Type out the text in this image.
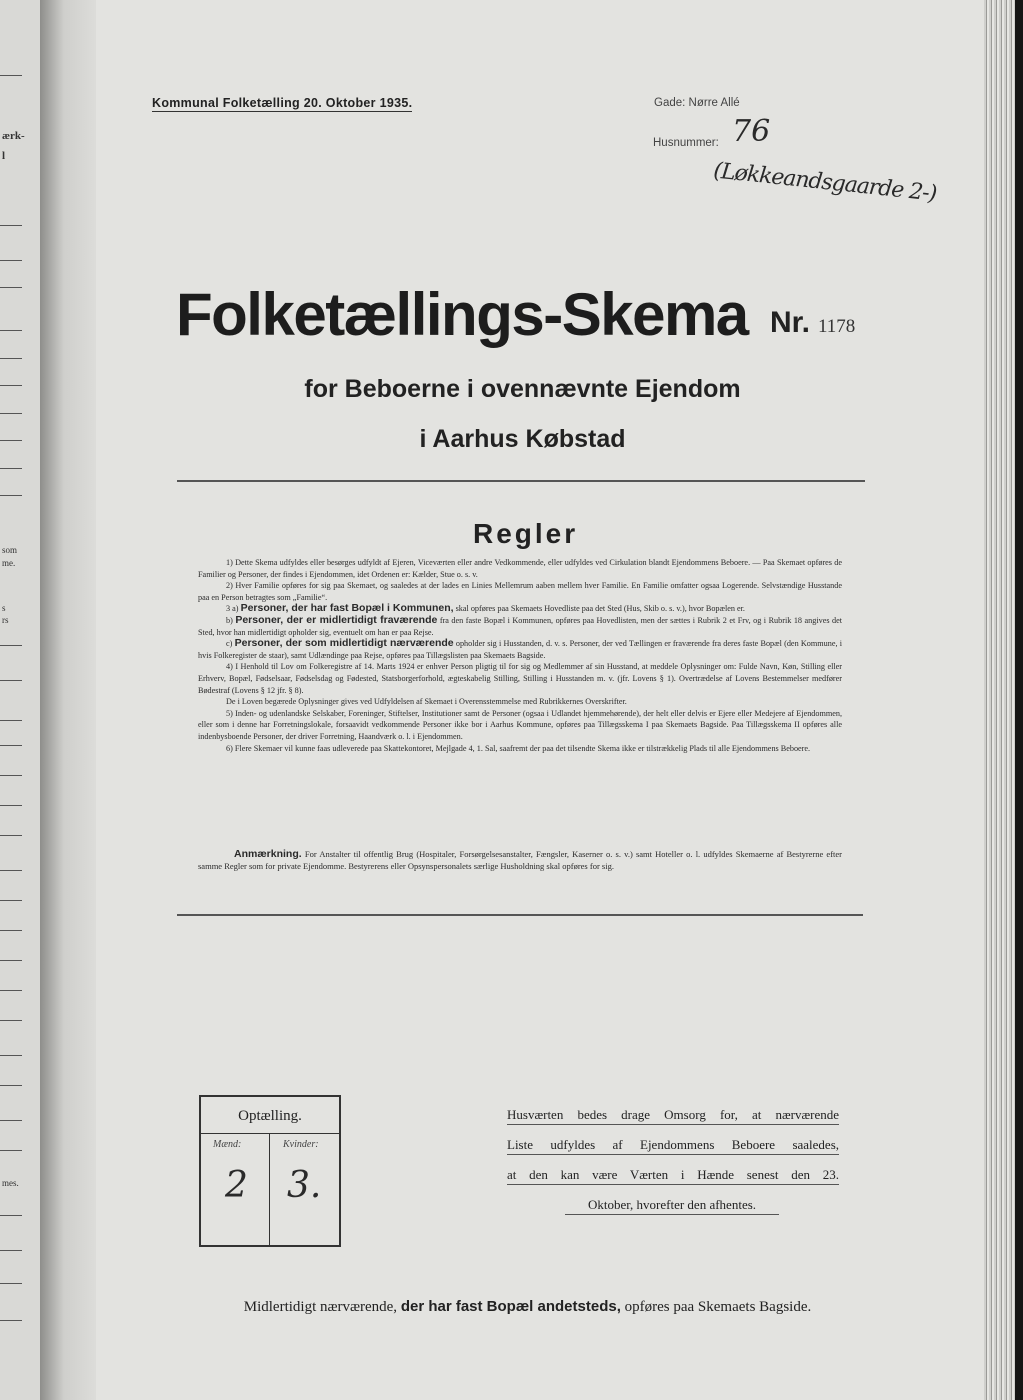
ærk-
l
som
me.
s
rs
mes.
Kommunal Folketælling 20. Oktober 1935.	Gade: Nørre Allé
Husnummer: 76
(Løkkeandsgaarde 2-)
Folketællings-Skema Nr. 1178
for Beboerne i ovennævnte Ejendom
i Aarhus Købstad
Regler

1) Dette Skema udfyldes eller besørges udfyldt af Ejeren, Viceværten eller andre Vedkommende, eller udfyldes ved Cirkulation blandt Ejendommens Beboere. — Paa Skemaet opføres de Familier og Personer, der findes i Ejendommen, idet Ordenen er: Kælder, Stue o. s. v.

2) Hver Familie opføres for sig paa Skemaet, og saaledes at der lades en Linies Mellemrum aaben mellem hver Familie. En Familie omfatter ogsaa Logerende. Selvstændige Husstande paa en Person betragtes som „Familie“.

3 a) Personer, der har fast Bopæl i Kommunen, skal opføres paa Skemaets Hovedliste paa det Sted (Hus, Skib o. s. v.), hvor Bopælen er.

b) Personer, der er midlertidigt fraværende fra den faste Bopæl i Kommunen, opføres paa Hovedlisten, men der sættes i Rubrik 2 et Frv, og i Rubrik 18 angives det Sted, hvor han midlertidigt opholder sig, eventuelt om han er paa Rejse.

c) Personer, der som midlertidigt nærværende opholder sig i Husstanden, d. v. s. Personer, der ved Tællingen er fraværende fra deres faste Bopæl (den Kommune, i hvis Folkeregister de staar), samt Udlændinge paa Rejse, opføres paa Tillægslisten paa Skemaets Bagside.

4) I Henhold til Lov om Folkeregistre af 14. Marts 1924 er enhver Person pligtig til for sig og Medlemmer af sin Husstand, at meddele Oplysninger om: Fulde Navn, Køn, Stilling eller Erhverv, Bopæl, Fødselsaar, Fødselsdag og Fødested, Statsborgerforhold, ægteskabelig Stilling, Stilling i Husstanden m. v. (jfr. Lovens § 1). Overtrædelse af Lovens Bestemmelser medfører Bødestraf (Lovens § 12 jfr. § 8).

De i Loven begærede Oplysninger gives ved Udfyldelsen af Skemaet i Overensstemmelse med Rubrikkernes Overskrifter.

5) Inden- og udenlandske Selskaber, Foreninger, Stiftelser, Institutioner samt de Personer (ogsaa i Udlandet hjemmehørende), der helt eller delvis er Ejere eller Medejere af Ejendommen, eller som i denne har Forretningslokale, forsaavidt vedkommende Personer ikke bor i Aarhus Kommune, opføres paa Tillægsskema I paa Skemaets Bagside. Paa Tillægsskema II opføres alle indenbysboende Personer, der driver Forretning, Haandværk o. l. i Ejendommen.

6) Flere Skemaer vil kunne faas udleverede paa Skattekontoret, Mejlgade 4, 1. Sal, saafremt der paa det tilsendte Skema ikke er tilstrækkelig Plads til alle Ejendommens Beboere.

Anmærkning. For Anstalter til offentlig Brug (Hospitaler, Forsørgelsesanstalter, Fængsler, Kaserner o. s. v.) samt Hoteller o. l. udfyldes Skemaerne af Bestyrerne efter samme Regler som for private Ejendomme. Bestyrerens eller Opsynspersonalets særlige Husholdning skal opføres for sig.

Optælling.
Mænd:	Kvinder:
2 3.
Husværten bedes drage Omsorg for, at nærværende
Liste udfyldes af Ejendommens Beboere saaledes,
at den kan være Værten i Hænde senest den 23.
Oktober, hvorefter den afhentes.
Midlertidigt nærværende, der har fast Bopæl andetsteds, opføres paa Skemaets Bagside.
